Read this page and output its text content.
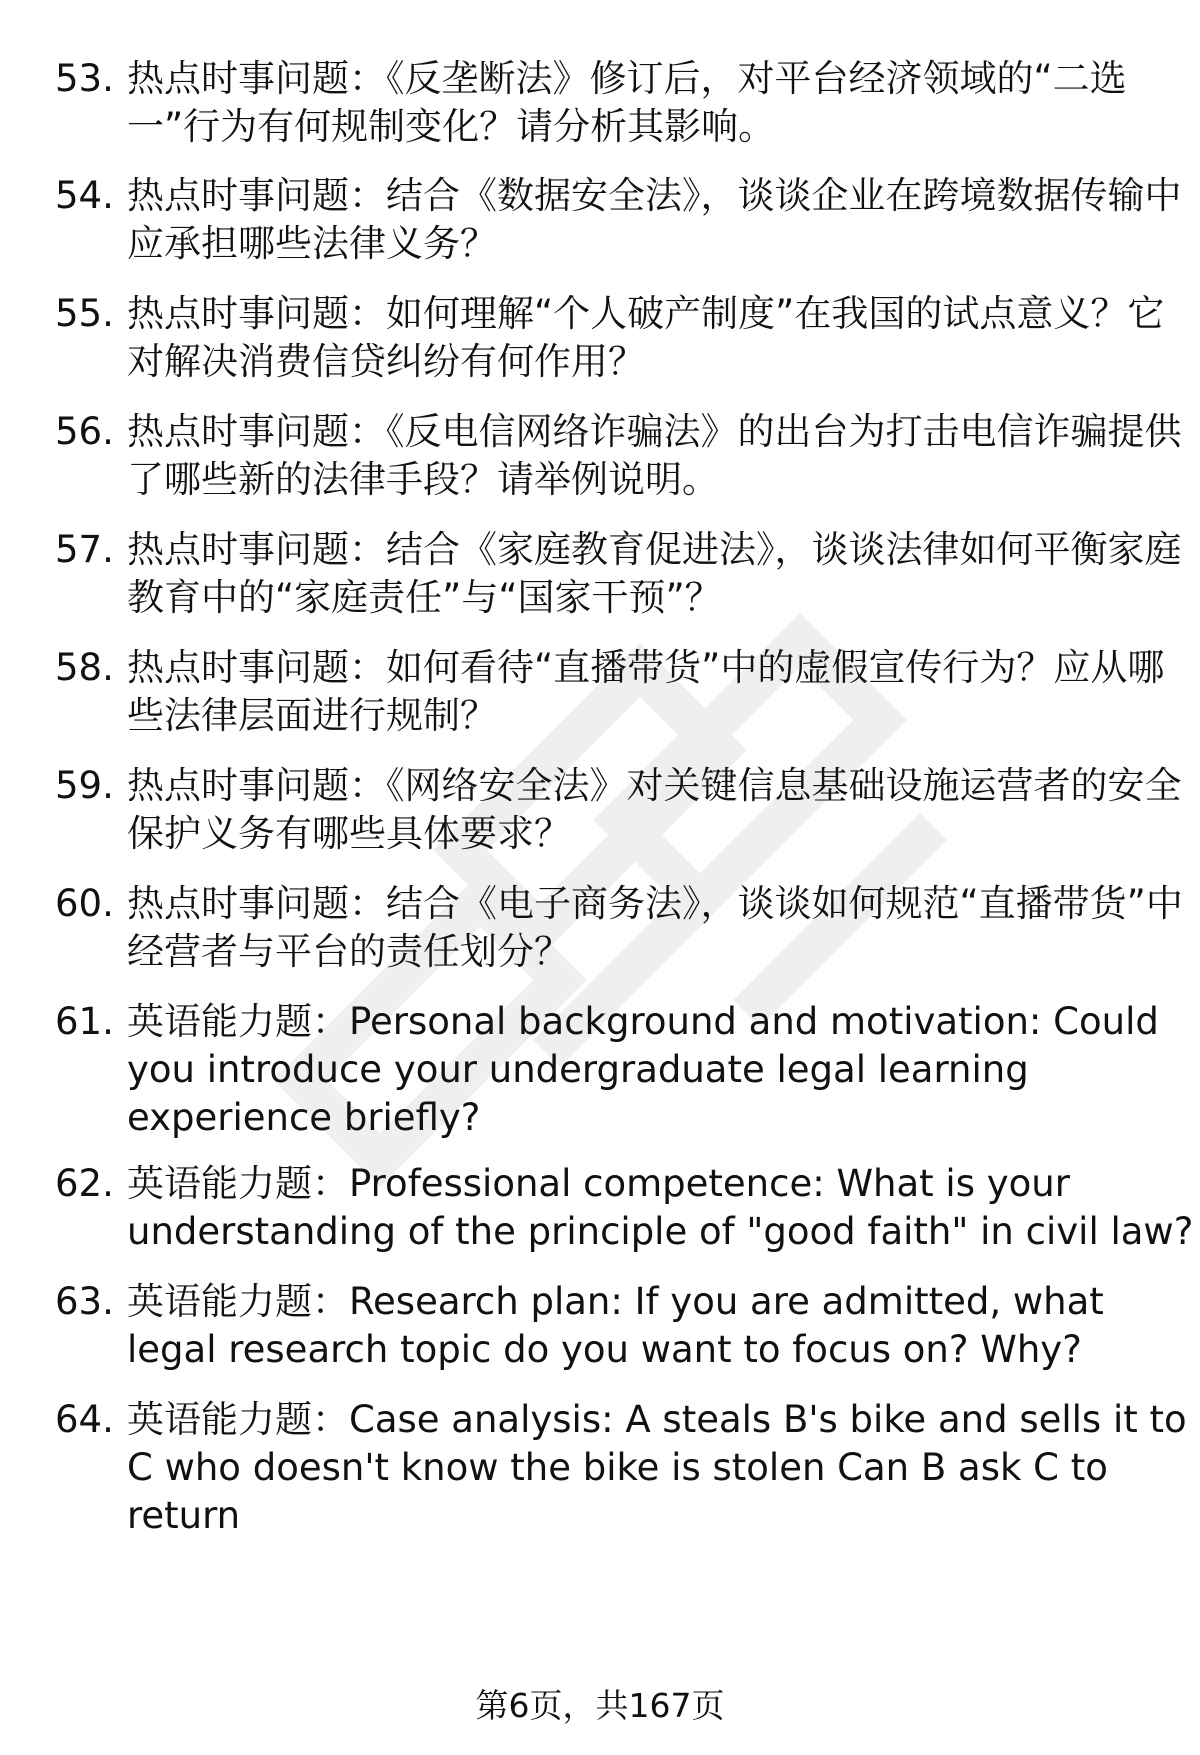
53. 热点时事问题：《反垄断法》修订后，对平台经济领域的“二选一”行为有何规制变化？请分析其影响。
54. 热点时事问题：结合《数据安全法》，谈谈企业在跨境数据传输中应承担哪些法律义务？
55. 热点时事问题：如何理解“个人破产制度”在我国的试点意义？它对解决消费信贷纠纷有何作用？
56. 热点时事问题：《反电信网络诈骗法》的出台为打击电信诈骗提供了哪些新的法律手段？请举例说明。
57. 热点时事问题：结合《家庭教育促进法》，谈谈法律如何平衡家庭教育中的“家庭责任”与“国家干预”？
58. 热点时事问题：如何看待“直播带货”中的虚假宣传行为？应从哪些法律层面进行规制？
59. 热点时事问题：《网络安全法》对关键信息基础设施运营者的安全保护义务有哪些具体要求？
60. 热点时事问题：结合《电子商务法》，谈谈如何规范“直播带货”中经营者与平台的责任划分？
61. 英语能力题：Personal background and motivation: Could you introduce your undergraduate legal learning experience briefly?
62. 英语能力题：Professional competence: What is your understanding of the principle of "good faith" in civil law?
63. 英语能力题：Research plan: If you are admitted, what legal research topic do you want to focus on? Why?
64. 英语能力题：Case analysis: A steals B's bike and sells it to C who doesn't know the bike is stolen Can B ask C to return
第6页，共167页
